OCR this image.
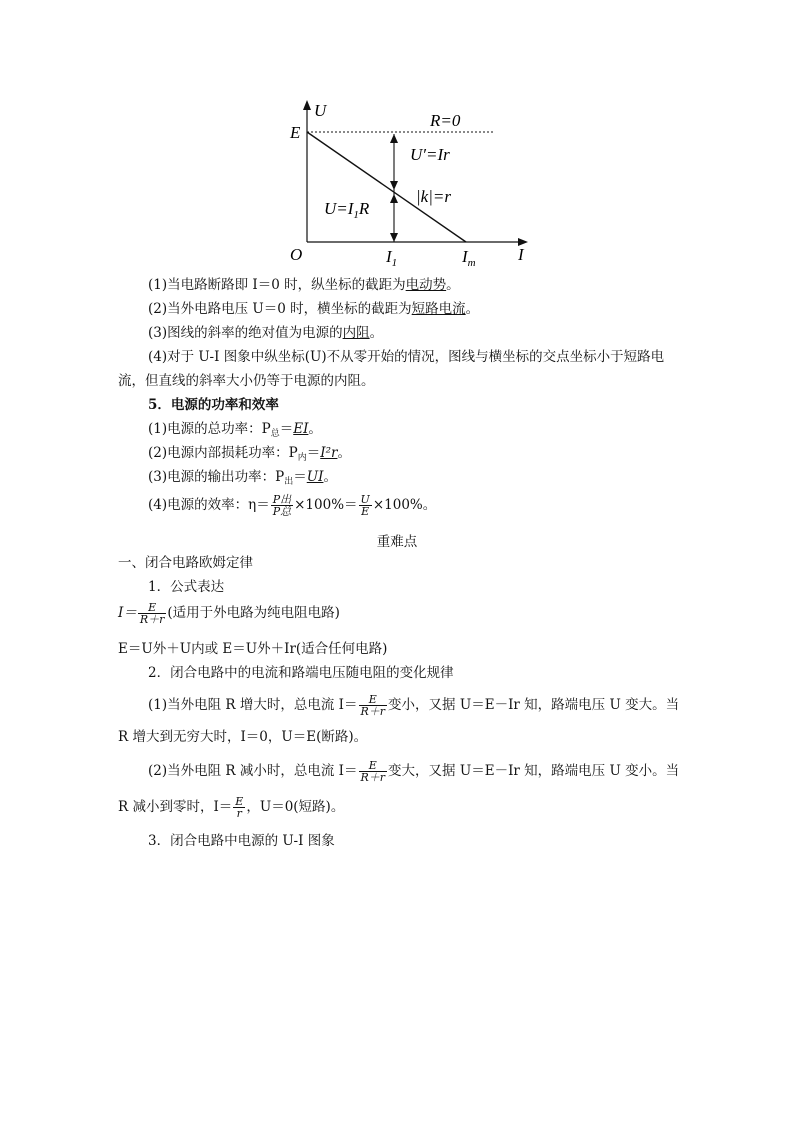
U
E
R=0
U′=Ir
|k|=r
$U=I_1R$
O	$I_1$	$I_m$ I
(1)当电路断路即 I＝0 时，纵坐标的截距为电动势。
(2)当外电路电压 U＝0 时，横坐标的截距为短路电流。
(3)图线的斜率的绝对值为电源的内阻。
(4)对于 U-I 图象中纵坐标(U)不从零开始的情况，图线与横坐标的交点坐标小于短路电
流，但直线的斜率大小仍等于电源的内阻。
5．电源的功率和效率
(1)电源的总功率：$P_总=EI$。
(2)电源内部损耗功率：$P_内=I^2r$。
(3)电源的输出功率：$P_出=UI$。
(4)电源的效率：$\eta= \frac{\text{P出}}{\text{P总}} \times 100\%= \frac{U}{E} \times 100\%$。
重难点
一、闭合电路欧姆定律
1．公式表达
$I= \frac{E}{R+r}$ (适用于外电路为纯电阻电路)
E＝U外＋U内或 E＝U外＋Ir(适合任何电路)
2．闭合电路中的电流和路端电压随电阻的变化规律
(1)当外电阻 R 增大时，总电流 $I= \frac{E}{R+r}$ 变小，又据 U＝E－Ir 知，路端电压 U 变大。当
R 增大到无穷大时，I＝0，U＝E(断路)。
(2)当外电阻 R 减小时，总电流 $I= \frac{E}{R+r}$ 变大，又据 U＝E－Ir 知，路端电压 U 变小。当
R 减小到零时，$I= \frac{E}{r}$ ，U＝0(短路)。
3．闭合电路中电源的 U-I 图象
